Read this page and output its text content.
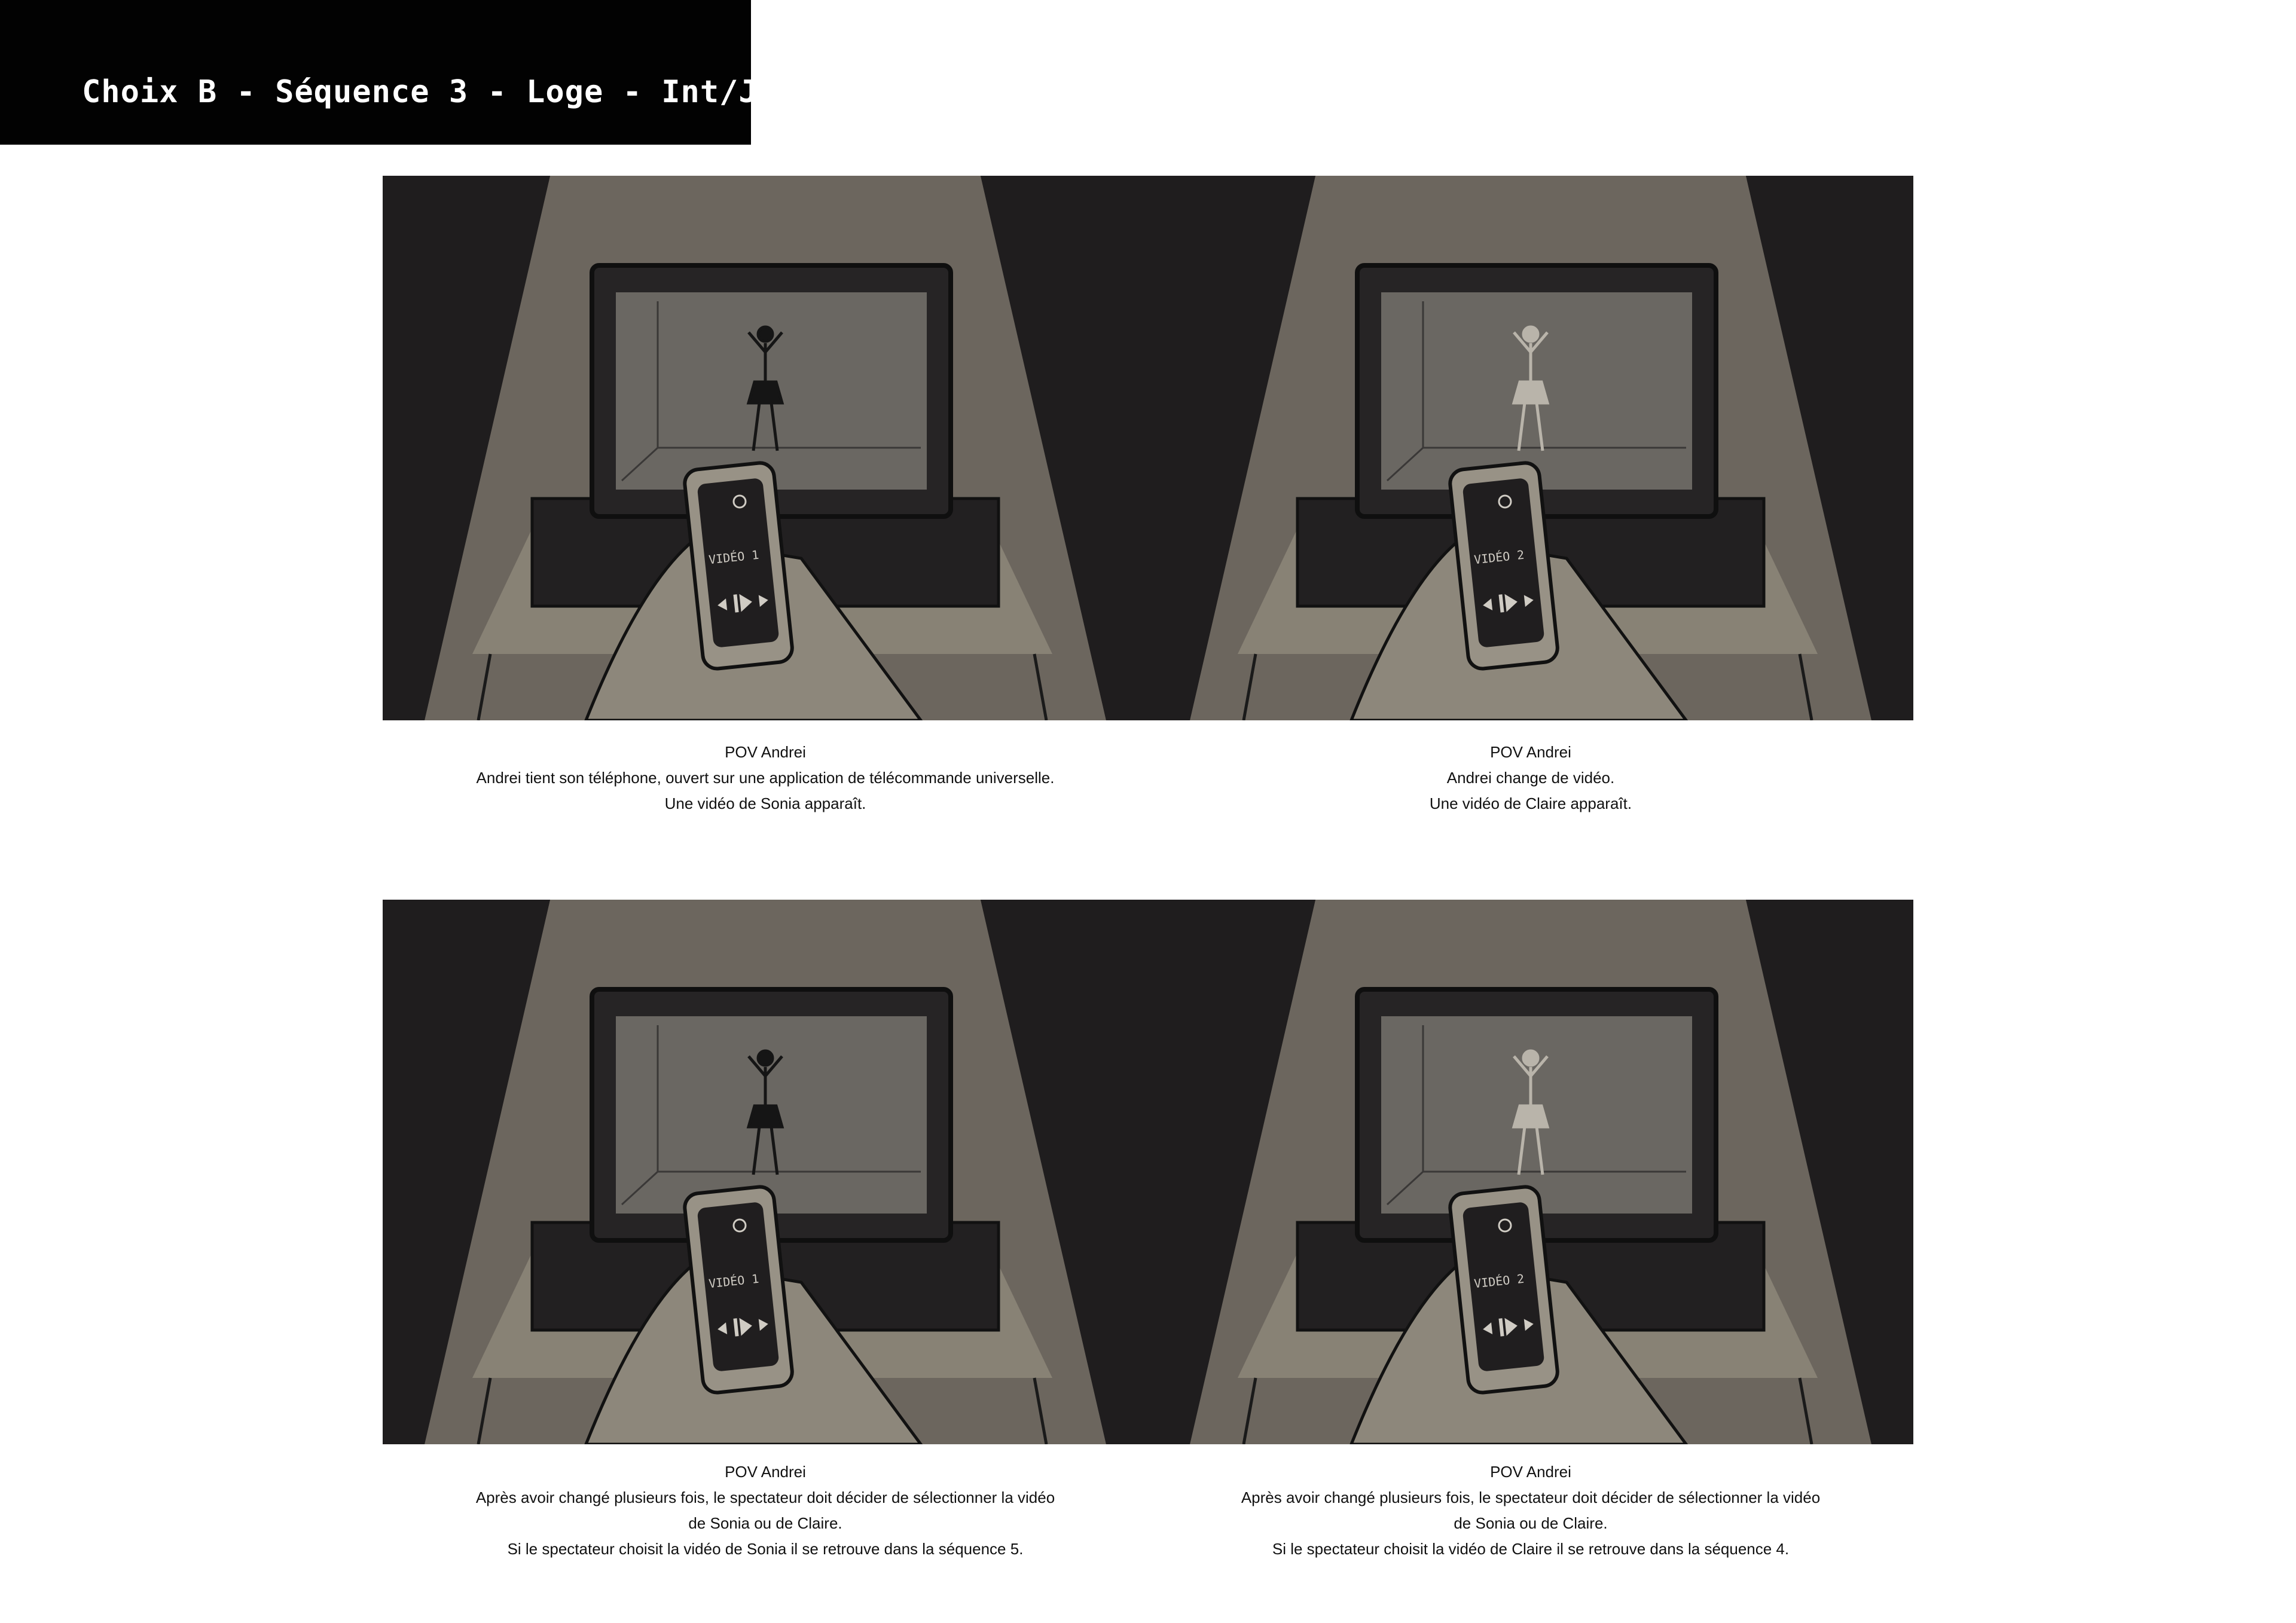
Choix B - Séquence 3 - Loge - Int/Jour
VIDÉO 1
POV Andrei
Andrei tient son téléphone, ouvert sur une application de télécommande universelle.
Une vidéo de Sonia apparaît.
VIDÉO 2
POV Andrei
Andrei change de vidéo.
Une vidéo de Claire apparaît.
VIDÉO 1
POV Andrei
Après avoir changé plusieurs fois, le spectateur doit décider de sélectionner la vidéo
de Sonia ou de Claire.
Si le spectateur choisit la vidéo de Sonia il se retrouve dans la séquence 5.
VIDÉO 2
POV Andrei
Après avoir changé plusieurs fois, le spectateur doit décider de sélectionner la vidéo
de Sonia ou de Claire.
Si le spectateur choisit la vidéo de Claire il se retrouve dans la séquence 4.
